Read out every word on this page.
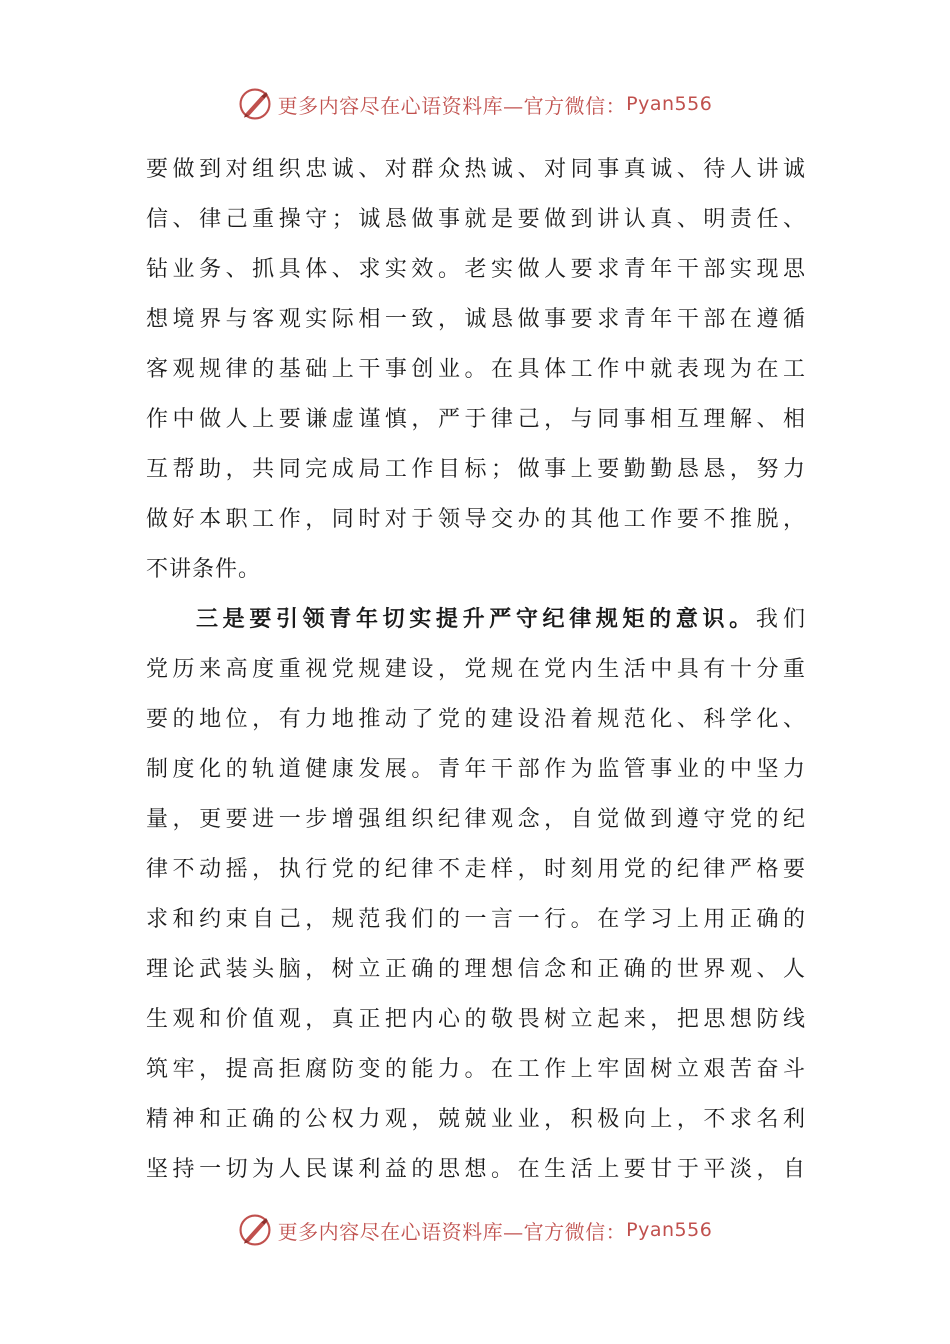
更多内容尽在心语资料库—官方微信： Pyan556
要做到对组织忠诚、对群众热诚、对同事真诚、待人讲诚
信、律己重操守；诚恳做事就是要做到讲认真、明责任、
钻业务、抓具体、求实效。老实做人要求青年干部实现思
想境界与客观实际相一致，诚恳做事要求青年干部在遵循
客观规律的基础上干事创业。在具体工作中就表现为在工
作中做人上要谦虚谨慎，严于律己，与同事相互理解、相
互帮助，共同完成局工作目标；做事上要勤勤恳恳，努力
做好本职工作，同时对于领导交办的其他工作要不推脱，
不讲条件。
三是要引领青年切实提升严守纪律规矩的意识。我们
党历来高度重视党规建设，党规在党内生活中具有十分重
要的地位，有力地推动了党的建设沿着规范化、科学化、
制度化的轨道健康发展。青年干部作为监管事业的中坚力
量，更要进一步增强组织纪律观念，自觉做到遵守党的纪
律不动摇，执行党的纪律不走样，时刻用党的纪律严格要
求和约束自己，规范我们的一言一行。在学习上用正确的
理论武装头脑，树立正确的理想信念和正确的世界观、人
生观和价值观，真正把内心的敬畏树立起来，把思想防线
筑牢，提高拒腐防变的能力。在工作上牢固树立艰苦奋斗
精神和正确的公权力观，兢兢业业，积极向上，不求名利
坚持一切为人民谋利益的思想。在生活上要甘于平淡，自
更多内容尽在心语资料库—官方微信： Pyan556
